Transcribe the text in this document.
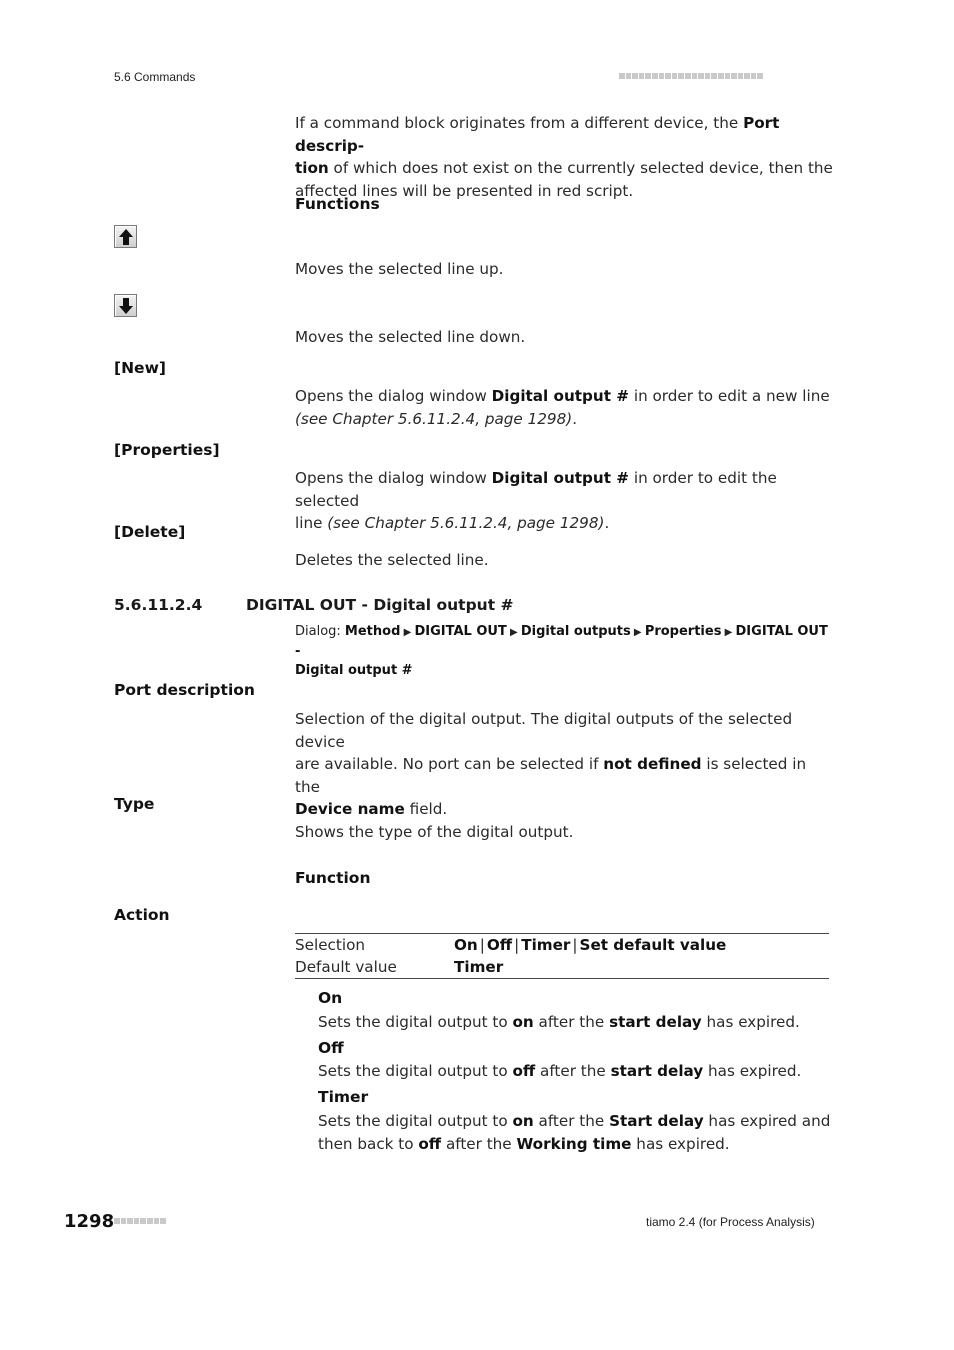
5.6 Commands
If a command block originates from a different device, the Port descrip-
tion of which does not exist on the currently selected device, then the
affected lines will be presented in red script.
Functions
Moves the selected line up.
Moves the selected line down.
[New]
Opens the dialog window Digital output # in order to edit a new line
(see Chapter 5.6.11.2.4, page 1298).
[Properties]
Opens the dialog window Digital output # in order to edit the selected
line (see Chapter 5.6.11.2.4, page 1298).
[Delete]
Deletes the selected line.
5.6.11.2.4	DIGITAL OUT - Digital output #
Dialog: Method ▶ DIGITAL OUT ▶ Digital outputs ▶ Properties ▶ DIGITAL OUT -
Digital output #
Port description
Selection of the digital output. The digital outputs of the selected device
are available. No port can be selected if not defined is selected in the
Device name field.
Type
Shows the type of the digital output.
Function
Action
Selection	On | Off | Timer | Set default value
Default value	Timer
On
Sets the digital output to on after the start delay has expired.
Off
Sets the digital output to off after the start delay has expired.
Timer
Sets the digital output to on after the Start delay has expired and
then back to off after the Working time has expired.
1298	tiamo 2.4 (for Process Analysis)
